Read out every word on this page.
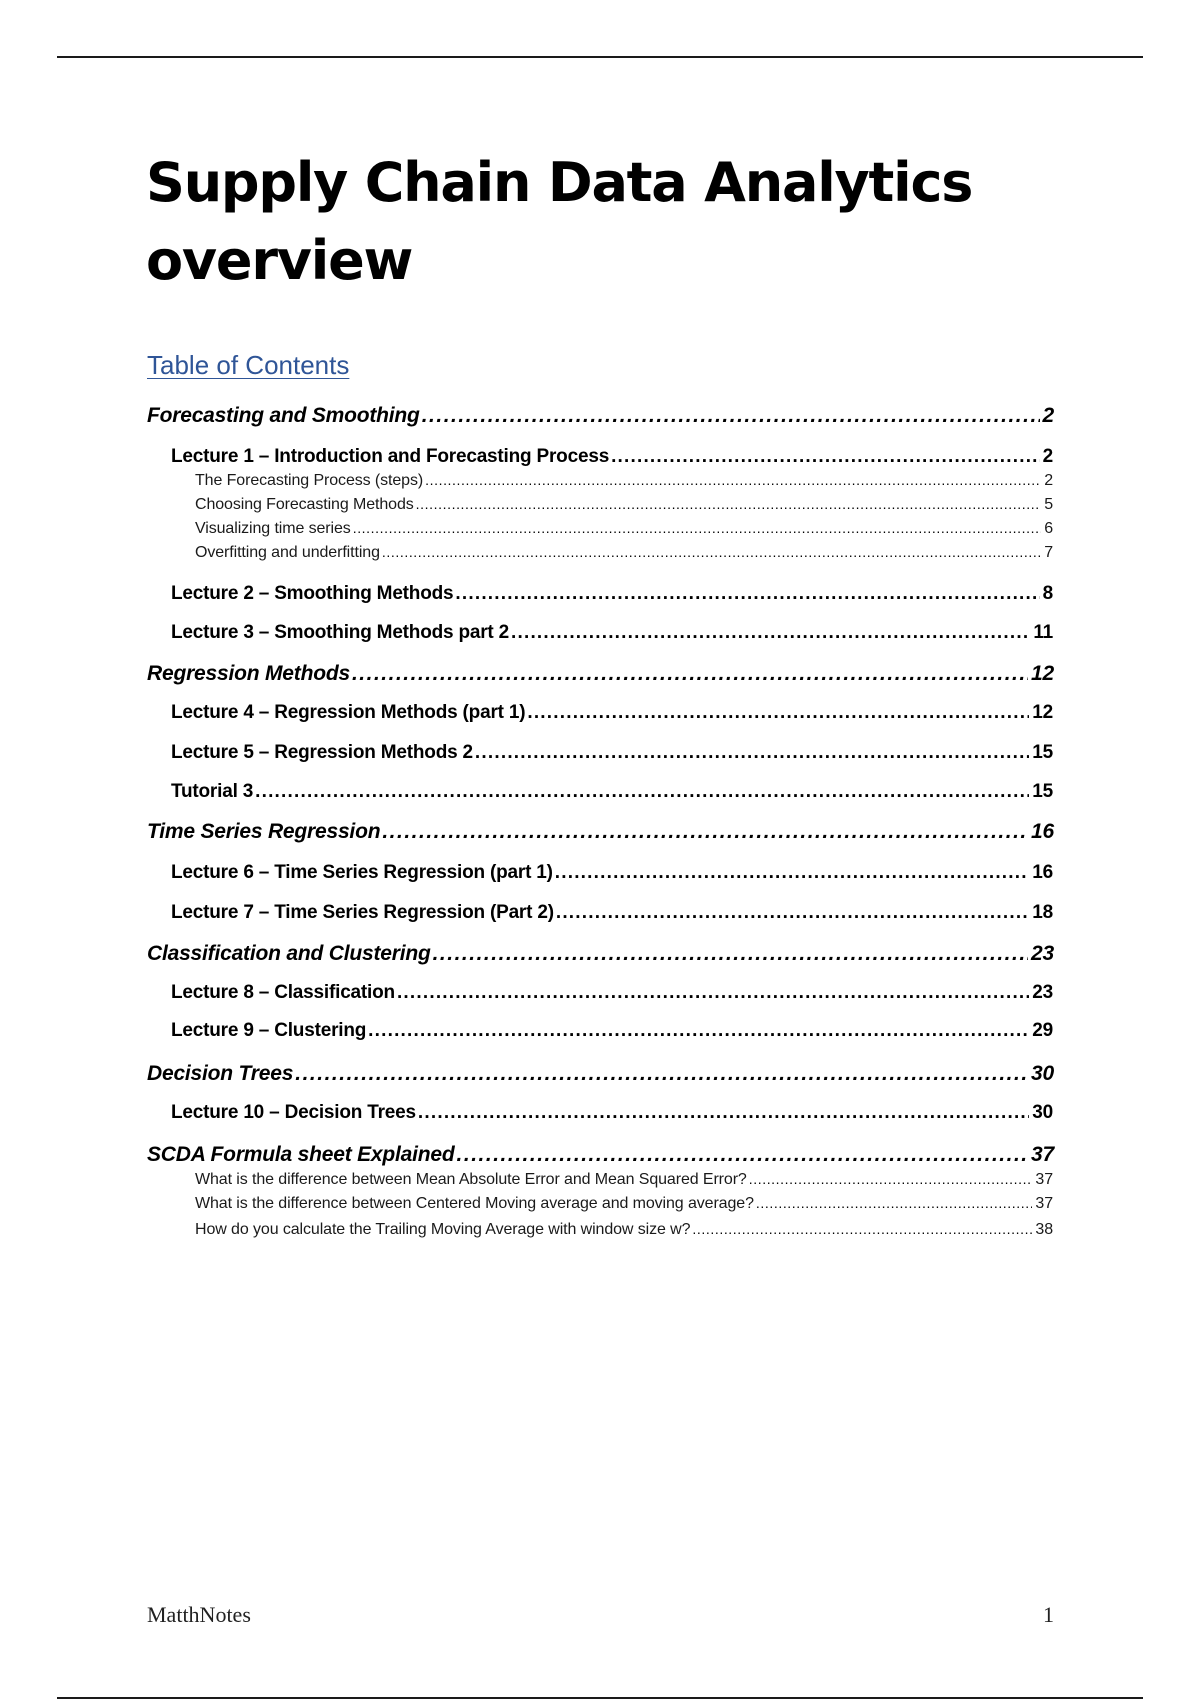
Supply Chain Data Analytics
overview
Table of Contents
Forecasting and Smoothing .....	2
Lecture 1 – Introduction and Forecasting Process .....	2
The Forecasting Process (steps) .....	2
Choosing Forecasting Methods .....	5
Visualizing time series .....	6
Overfitting and underfitting .....	7
Lecture 2 – Smoothing Methods .....	8
Lecture 3 – Smoothing Methods part 2 .....	11
Regression Methods .....	12
Lecture 4 – Regression Methods (part 1) .....	12
Lecture 5 – Regression Methods 2 .....	15
Tutorial 3 .....	15
Time Series Regression .....	16
Lecture 6 – Time Series Regression (part 1) .....	16
Lecture 7 – Time Series Regression (Part 2) .....	18
Classification and Clustering .....	23
Lecture 8 – Classification .....	23
Lecture 9 – Clustering .....	29
Decision Trees .....	30
Lecture 10 – Decision Trees .....	30
SCDA Formula sheet Explained .....	37
What is the difference between Mean Absolute Error and Mean Squared Error? .....	37
What is the difference between Centered Moving average and moving average? .....	37
How do you calculate the Trailing Moving Average with window size w? .....	38
MatthNotes	1
